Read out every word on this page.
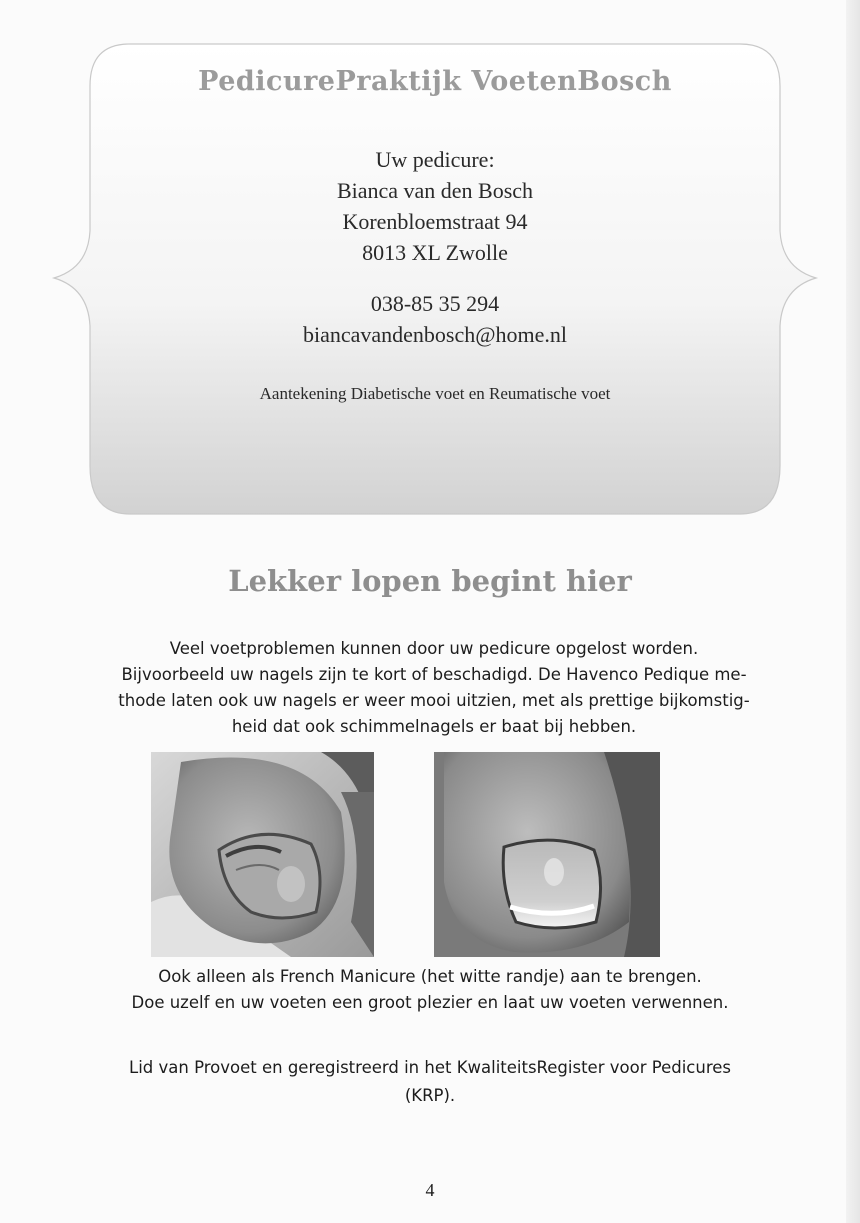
PedicurePraktijk VoetenBosch
Uw pedicure:
Bianca van den Bosch
Korenbloemstraat 94
8013 XL Zwolle
038-85 35 294
biancavandenbosch@home.nl
Aantekening Diabetische voet en Reumatische voet
Lekker lopen begint hier
Veel voetproblemen kunnen door uw pedicure opgelost worden.
Bijvoorbeeld uw nagels zijn te kort of beschadigd. De Havenco Pedique me-
thode laten ook uw nagels er weer mooi uitzien, met als prettige bijkomstig-
heid dat ook schimmelnagels er baat bij hebben.
Ook alleen als French Manicure (het witte randje) aan te brengen.
Doe uzelf en uw voeten een groot plezier en laat uw voeten verwennen.
Lid van Provoet en geregistreerd in het KwaliteitsRegister voor Pedicures
(KRP).
4
